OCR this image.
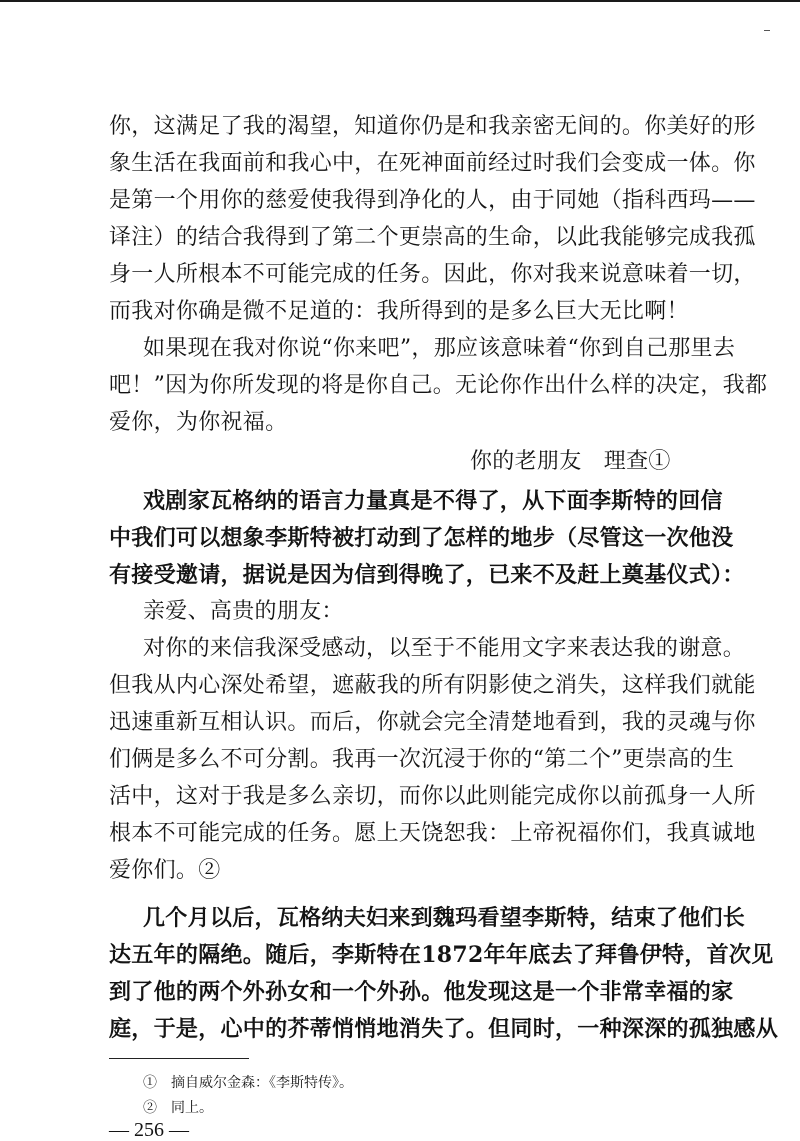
你，这满足了我的渴望，知道你仍是和我亲密无间的。你美好的形
象生活在我面前和我心中，在死神面前经过时我们会变成一体。你
是第一个用你的慈爱使我得到净化的人，由于同她（指科西玛——
译注）的结合我得到了第二个更崇高的生命，以此我能够完成我孤
身一人所根本不可能完成的任务。因此，你对我来说意味着一切，
而我对你确是微不足道的：我所得到的是多么巨大无比啊！
如果现在我对你说“你来吧”，那应该意味着“你到自己那里去
吧！”因为你所发现的将是你自己。无论你作出什么样的决定，我都
爱你，为你祝福。
你的老朋友　理查①
戏剧家瓦格纳的语言力量真是不得了，从下面李斯特的回信
中我们可以想象李斯特被打动到了怎样的地步（尽管这一次他没
有接受邀请，据说是因为信到得晚了，已来不及赶上奠基仪式）：
亲爱、高贵的朋友：
对你的来信我深受感动，以至于不能用文字来表达我的谢意。
但我从内心深处希望，遮蔽我的所有阴影使之消失，这样我们就能
迅速重新互相认识。而后，你就会完全清楚地看到，我的灵魂与你
们俩是多么不可分割。我再一次沉浸于你的“第二个”更崇高的生
活中，这对于我是多么亲切，而你以此则能完成你以前孤身一人所
根本不可能完成的任务。愿上天饶恕我：上帝祝福你们，我真诚地
爱你们。②
几个月以后，瓦格纳夫妇来到魏玛看望李斯特，结束了他们长
达五年的隔绝。随后，李斯特在1872年年底去了拜鲁伊特，首次见
到了他的两个外孙女和一个外孙。他发现这是一个非常幸福的家
庭，于是，心中的芥蒂悄悄地消失了。但同时，一种深深的孤独感从
①　摘自威尔金森：《李斯特传》。
②　同上。
— 256 —
